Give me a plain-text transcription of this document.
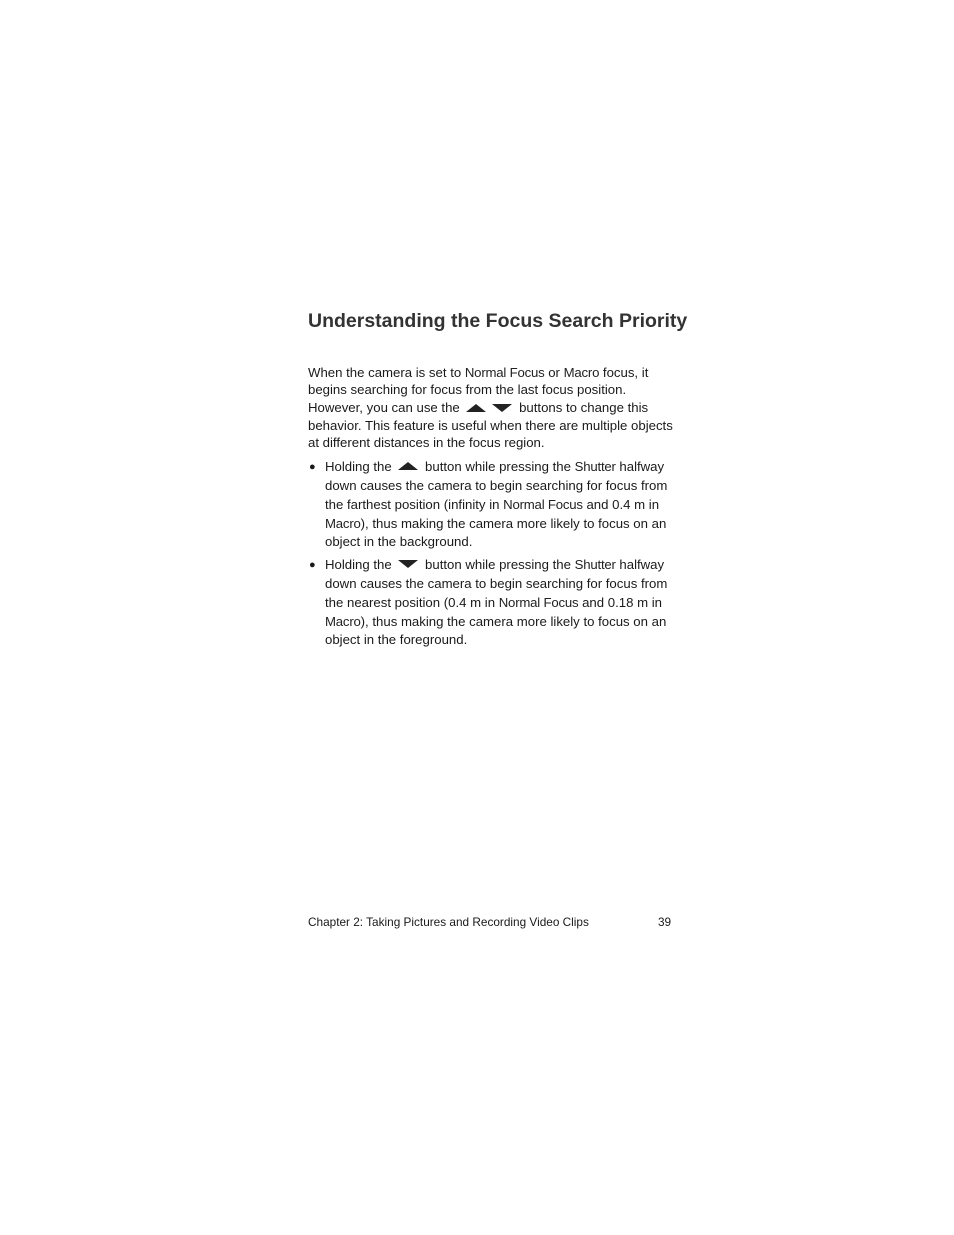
Understanding the Focus Search Priority

When the camera is set to Normal Focus or Macro focus, it begins searching for focus from the last focus position. However, you can use the	buttons to change this behavior. This feature is useful when there are multiple objects at different distances in the focus region.

● Holding the  button while pressing the Shutter halfway down causes the camera to begin searching for focus from the farthest position (infinity in Normal Focus and 0.4 m in Macro), thus making the camera more likely to focus on an object in the background.
● Holding the  button while pressing the Shutter halfway down causes the camera to begin searching for focus from the nearest position (0.4 m in Normal Focus and 0.18 m in Macro), thus making the camera more likely to focus on an object in the foreground.
Chapter 2: Taking Pictures and Recording Video Clips	39
